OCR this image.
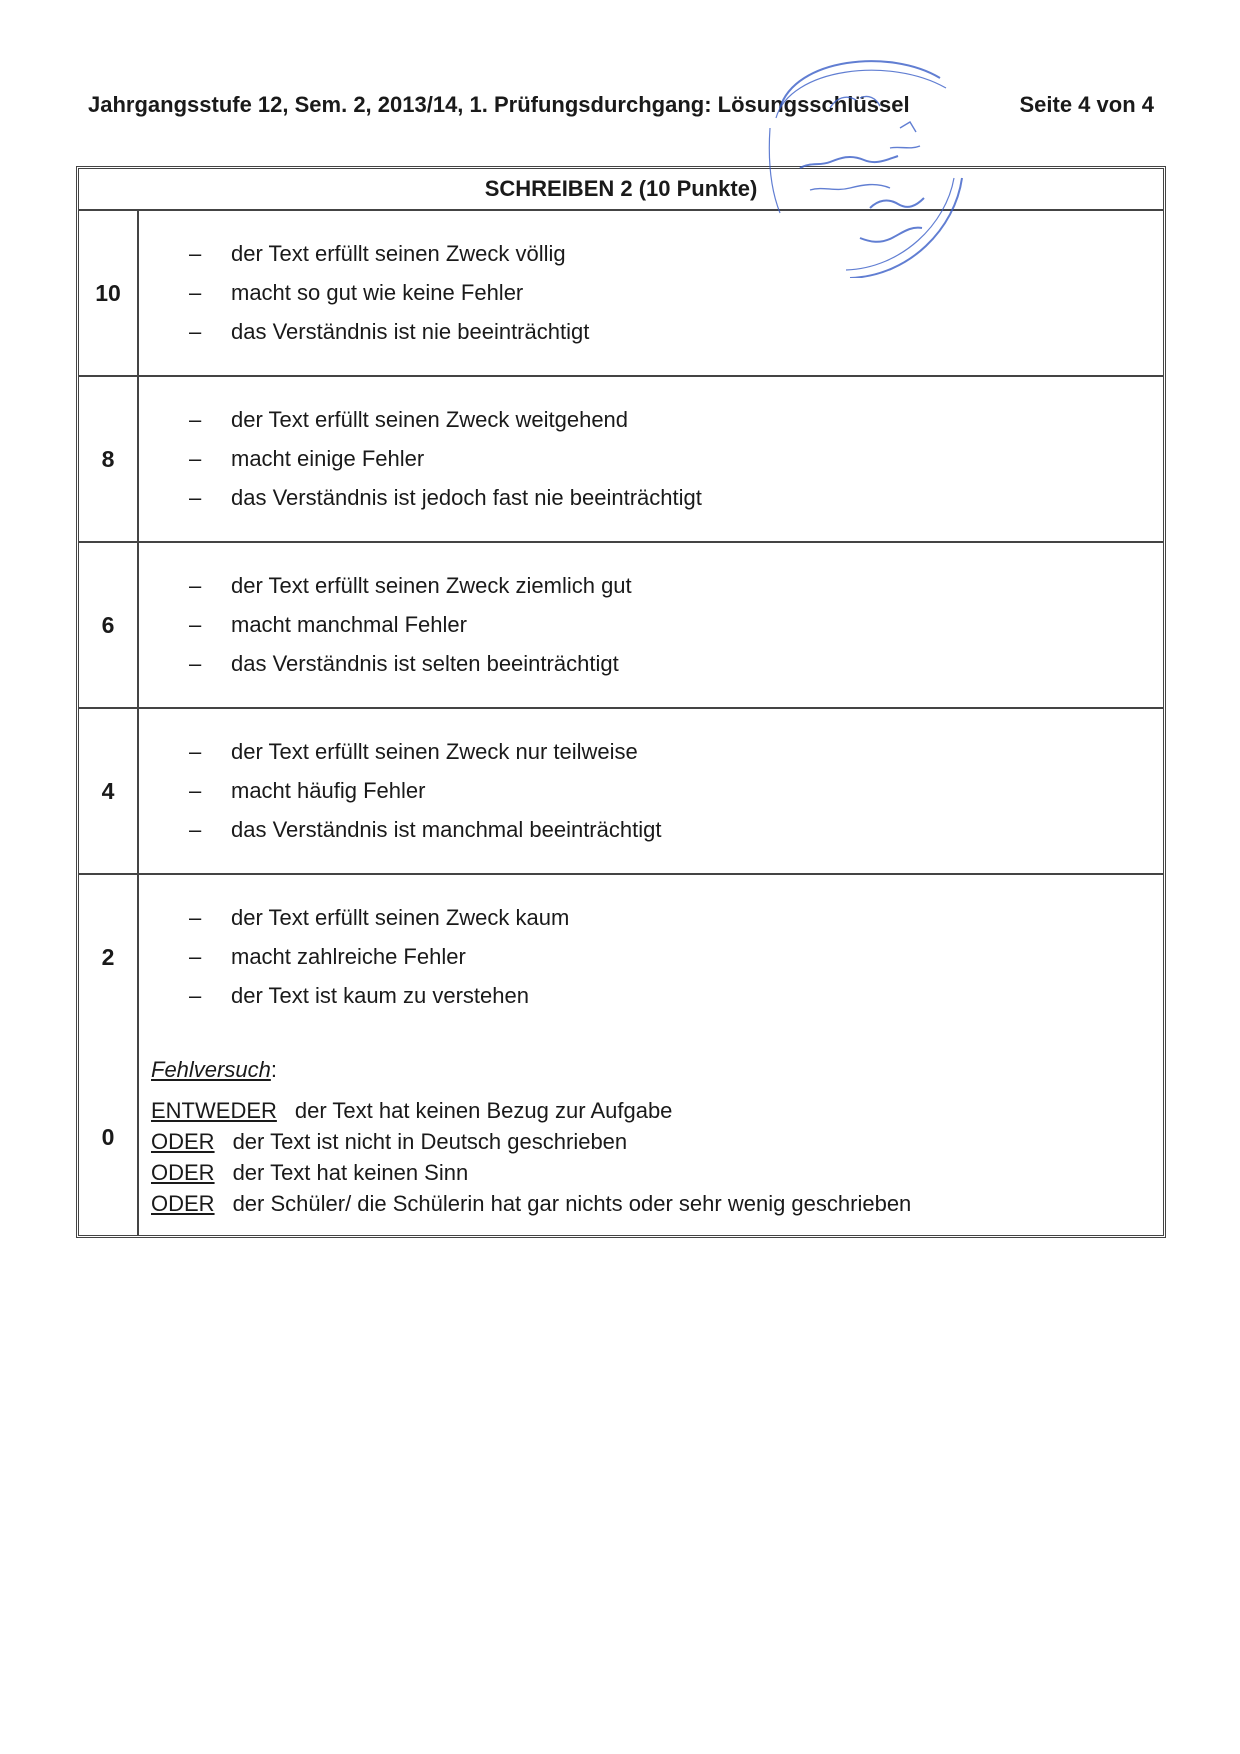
Jahrgangsstufe 12, Sem. 2, 2013/14, 1. Prüfungsdurchgang: Lösungsschlüssel	Seite 4 von 4
SCHREIBEN 2 (10 Punkte)
10
–	der Text erfüllt seinen Zweck völlig
–	macht so gut wie keine Fehler
–	das Verständnis ist nie beeinträchtigt
8
–	der Text erfüllt seinen Zweck weitgehend
–	macht einige Fehler
–	das Verständnis ist jedoch fast nie beeinträchtigt
6
–	der Text erfüllt seinen Zweck ziemlich gut
–	macht manchmal Fehler
–	das Verständnis ist selten beeinträchtigt
4
–	der Text erfüllt seinen Zweck nur teilweise
–	macht häufig Fehler
–	das Verständnis ist manchmal beeinträchtigt
2
–	der Text erfüllt seinen Zweck kaum
–	macht zahlreiche Fehler
–	der Text ist kaum zu verstehen
0
Fehlversuch:
ENTWEDER der Text hat keinen Bezug zur Aufgabe
ODER der Text ist nicht in Deutsch geschrieben
ODER der Text hat keinen Sinn
ODER der Schüler/ die Schülerin hat gar nichts oder sehr wenig geschrieben
